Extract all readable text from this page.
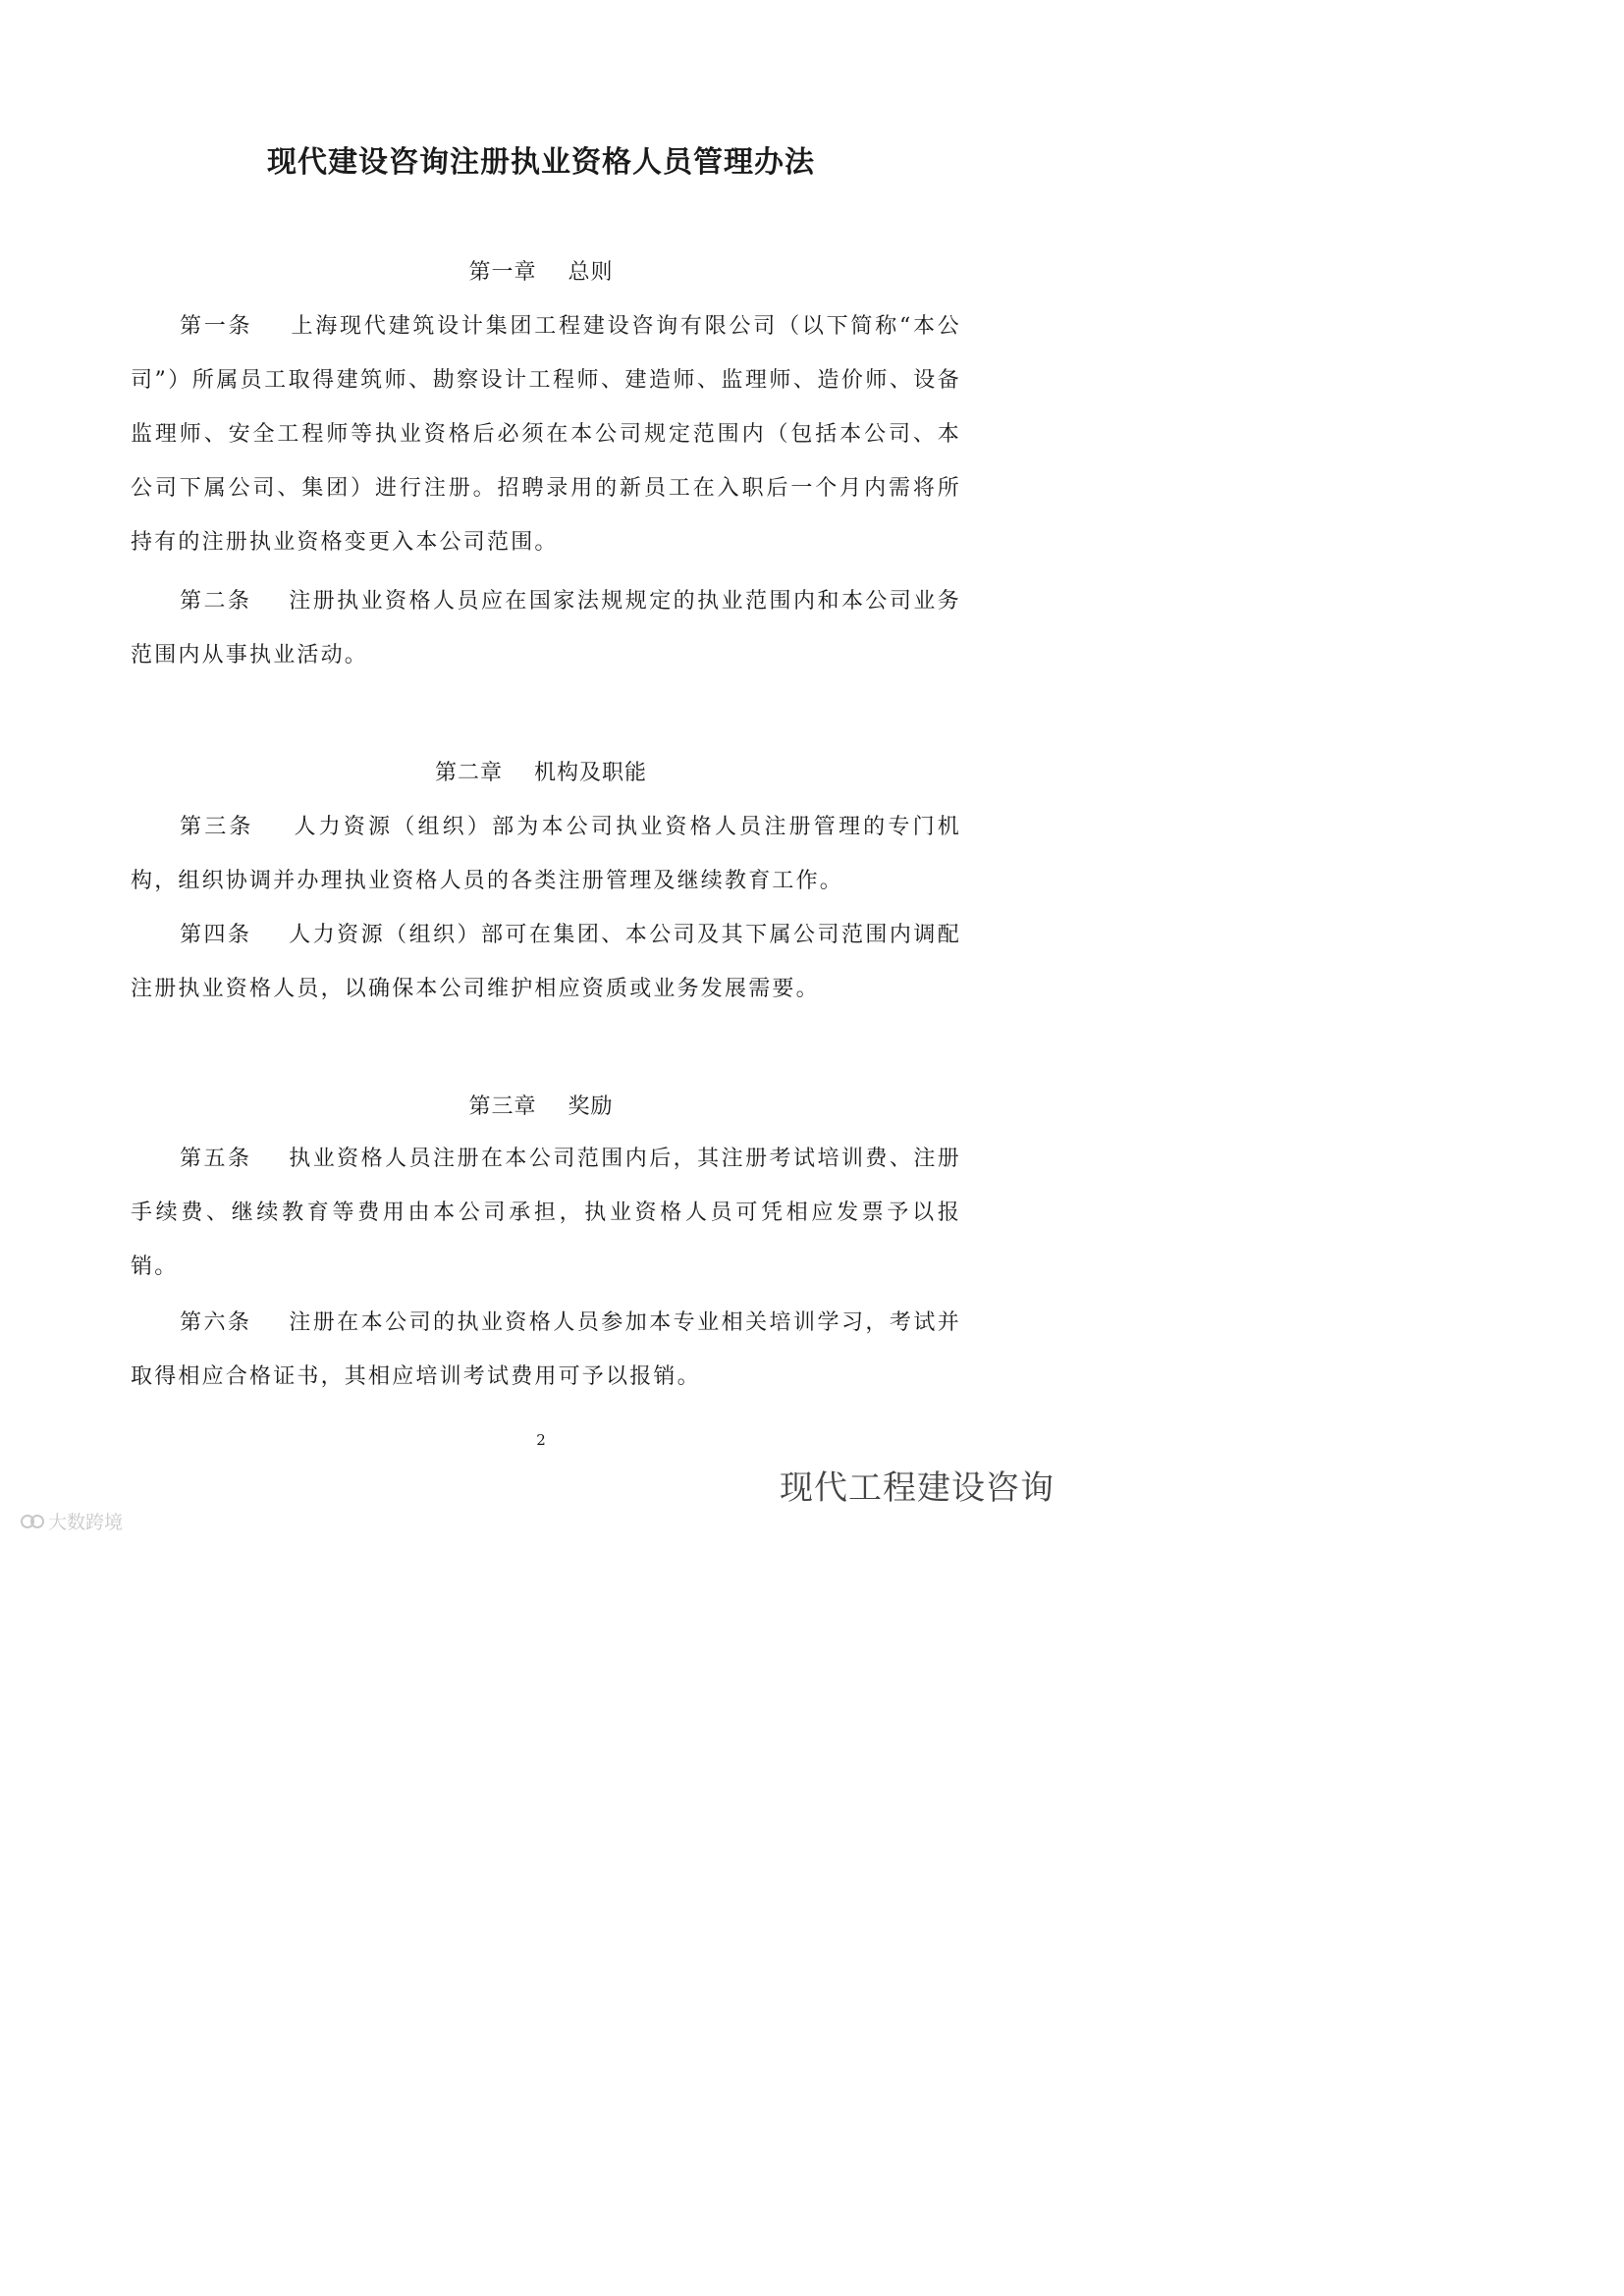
现代建设咨询注册执业资格人员管理办法
第一章    总则
第一条 上海现代建筑设计集团工程建设咨询有限公司（以下简称“本公司”）所属员工取得建筑师、勘察设计工程师、建造师、监理师、造价师、设备监理师、安全工程师等执业资格后必须在本公司规定范围内（包括本公司、本公司下属公司、集团）进行注册。招聘录用的新员工在入职后一个月内需将所持有的注册执业资格变更入本公司范围。
第二条 注册执业资格人员应在国家法规规定的执业范围内和本公司业务范围内从事执业活动。
第二章    机构及职能
第三条 人力资源（组织）部为本公司执业资格人员注册管理的专门机构，组织协调并办理执业资格人员的各类注册管理及继续教育工作。
第四条 人力资源（组织）部可在集团、本公司及其下属公司范围内调配注册执业资格人员，以确保本公司维护相应资质或业务发展需要。
第三章    奖励
第五条 执业资格人员注册在本公司范围内后，其注册考试培训费、注册手续费、继续教育等费用由本公司承担，执业资格人员可凭相应发票予以报销。
第六条 注册在本公司的执业资格人员参加本专业相关培训学习，考试并取得相应合格证书，其相应培训考试费用可予以报销。
2
现代工程建设咨询
大数跨境
